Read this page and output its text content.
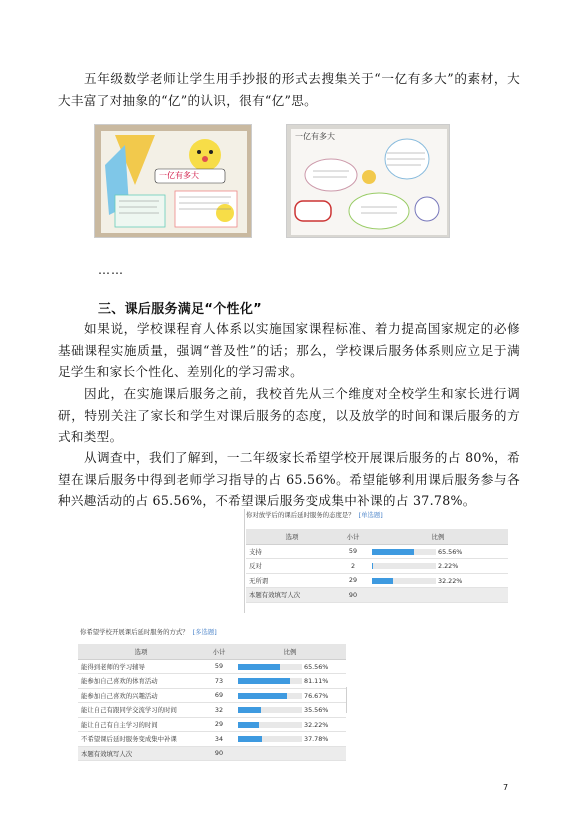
五年级数学老师让学生用手抄报的形式去搜集关于“一亿有多大”的素材，大大丰富了对抽象的“亿”的认识，很有“亿”思。

一亿有多大
一亿有多大
……
三、课后服务满足“个性化”

如果说，学校课程育人体系以实施国家课程标准、着力提高国家规定的必修基础课程实施质量，强调“普及性”的话；那么，学校课后服务体系则应立足于满足学生和家长个性化、差别化的学习需求。

因此，在实施课后服务之前，我校首先从三个维度对全校学生和家长进行调研，特别关注了家长和学生对课后服务的态度，以及放学的时间和课后服务的方式和类型。

从调查中，我们了解到，一二年级家长希望学校开展课后服务的占 80%，希望在课后服务中得到老师学习指导的占 65.56%。希望能够利用课后服务参与各种兴趣活动的占 65.56%，不希望课后服务变成集中补课的占 37.78%。

你对放学后的课后延时服务的态度是？ [单选题]
选项	小计	比例
支持	59	65.56%

反对	2	2.22%

无所谓	29	32.22%

本题有效填写人次	90	
你希望学校开展课后延时服务的方式？ [多选题]
选项	小计	比例
能得到老师的学习辅导	59	65.56%

能参加自己喜欢的体育活动	73	81.11%

能参加自己喜欢的兴趣活动	69	76.67%

能让自己有跟同学交流学习的时间	32	35.56%

能让自己有自主学习的时间	29	32.22%

不希望课后延时服务变成集中补课	34	37.78%

本题有效填写人次	90	
7
